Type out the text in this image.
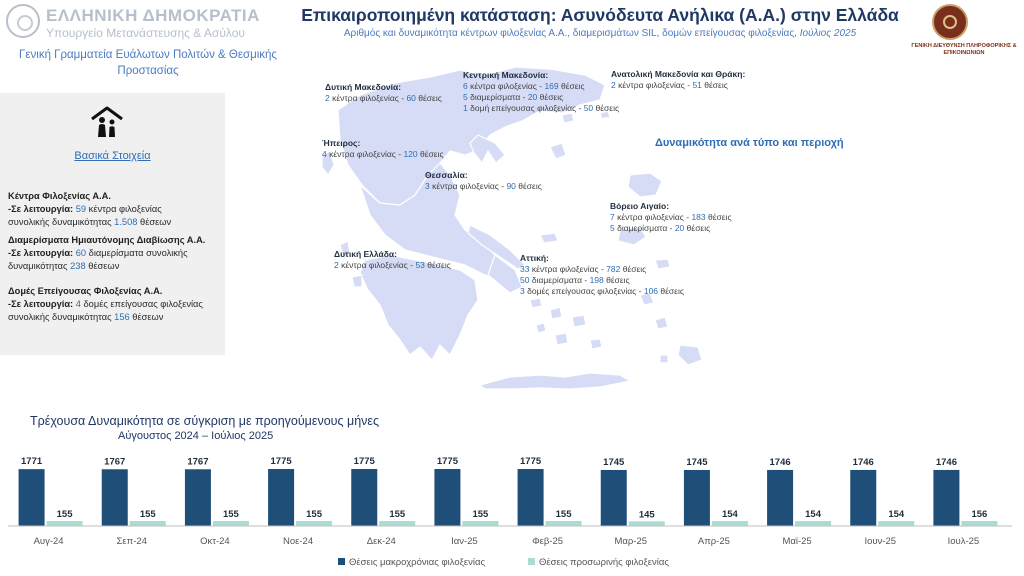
ΕΛΛΗΝΙΚΗ ΔΗΜΟΚΡΑΤΙΑ
Υπουργείο Μετανάστευσης & Ασύλου
Γενική Γραμματεία Ευάλωτων Πολιτών & Θεσμικής Προστασίας
Επικαιροποιημένη κατάσταση: Ασυνόδευτα Ανήλικα (Α.Α.) στην Ελλάδα
Αριθμός και δυναμικότητα κέντρων φιλοξενίας Α.Α., διαμερισμάτων SIL, δομών επείγουσας φιλοξενίας, Ιούλιος 2025
ΓΕΝΙΚΗ ΔΙΕΥΘΥΝΣΗ ΠΛΗΡΟΦΟΡΙΚΗΣ & ΕΠΙΚΟΙΝΩΝΙΩΝ
Βασικά Στοιχεία
Κέντρα Φιλοξενίας Α.Α.
-Σε λειτουργία: 59 κέντρα φιλοξενίας
συνολικής δυναμικότητας 1.508 θέσεων
Διαμερίσματα Ημιαυτόνομης Διαβίωσης Α.Α.
-Σε λειτουργία: 60 διαμερίσματα συνολικής
δυναμικότητας 238 θέσεων
Δομές Επείγουσας Φιλοξενίας Α.Α.
-Σε λειτουργία: 4 δομές επείγουσας φιλοξενίας
συνολικής δυναμικότητας 156 θέσεων
Δυτική Μακεδονία:
2 κέντρα φιλοξενίας - 60 θέσεις
Κεντρική Μακεδονία:
6 κέντρα φιλοξενίας - 169 θέσεις
5 διαμερίσματα - 20 θέσεις
1 δομή επείγουσας φιλοξενίας - 50 θέσεις
Ανατολική Μακεδονία και Θράκη:
2 κέντρα φιλοξενίας - 51 θέσεις
Ήπειρος:
4 κέντρα φιλοξενίας - 120 θέσεις
Θεσσαλία:
3 κέντρα φιλοξενίας - 90 θέσεις
Βόρειο Αιγαίο:
7 κέντρα φιλοξενίας - 183 θέσεις
5 διαμερίσματα - 20 θέσεις
Δυτική Ελλάδα:
2 κέντρα φιλοξενίας - 53 θέσεις
Αττική:
33 κέντρα φιλοξενίας - 782 θέσεις
50 διαμερίσματα - 198 θέσεις
3 δομές επείγουσας φιλοξενίας - 106 θέσεις
Δυναμικότητα ανά τύπο και περιοχή
Τρέχουσα Δυναμικότητα σε σύγκριση με προηγούμενους μήνες
Αύγουστος 2024 – Ιούλιος 2025
1771
155
Αυγ-24
1767
155
Σεπ-24
1767
155
Οκτ-24
1775
155
Νοε-24
1775
155
Δεκ-24
1775
155
Ιαν-25
1775
155
Φεβ-25
1745
145
Μαρ-25
1745
154
Απρ-25
1746
154
Μαϊ-25
1746
154
Ιουν-25
1746
156
Ιουλ-25
Θέσεις μακροχρόνιας φιλοξενίας	Θέσεις προσωρινής φιλοξενίας
